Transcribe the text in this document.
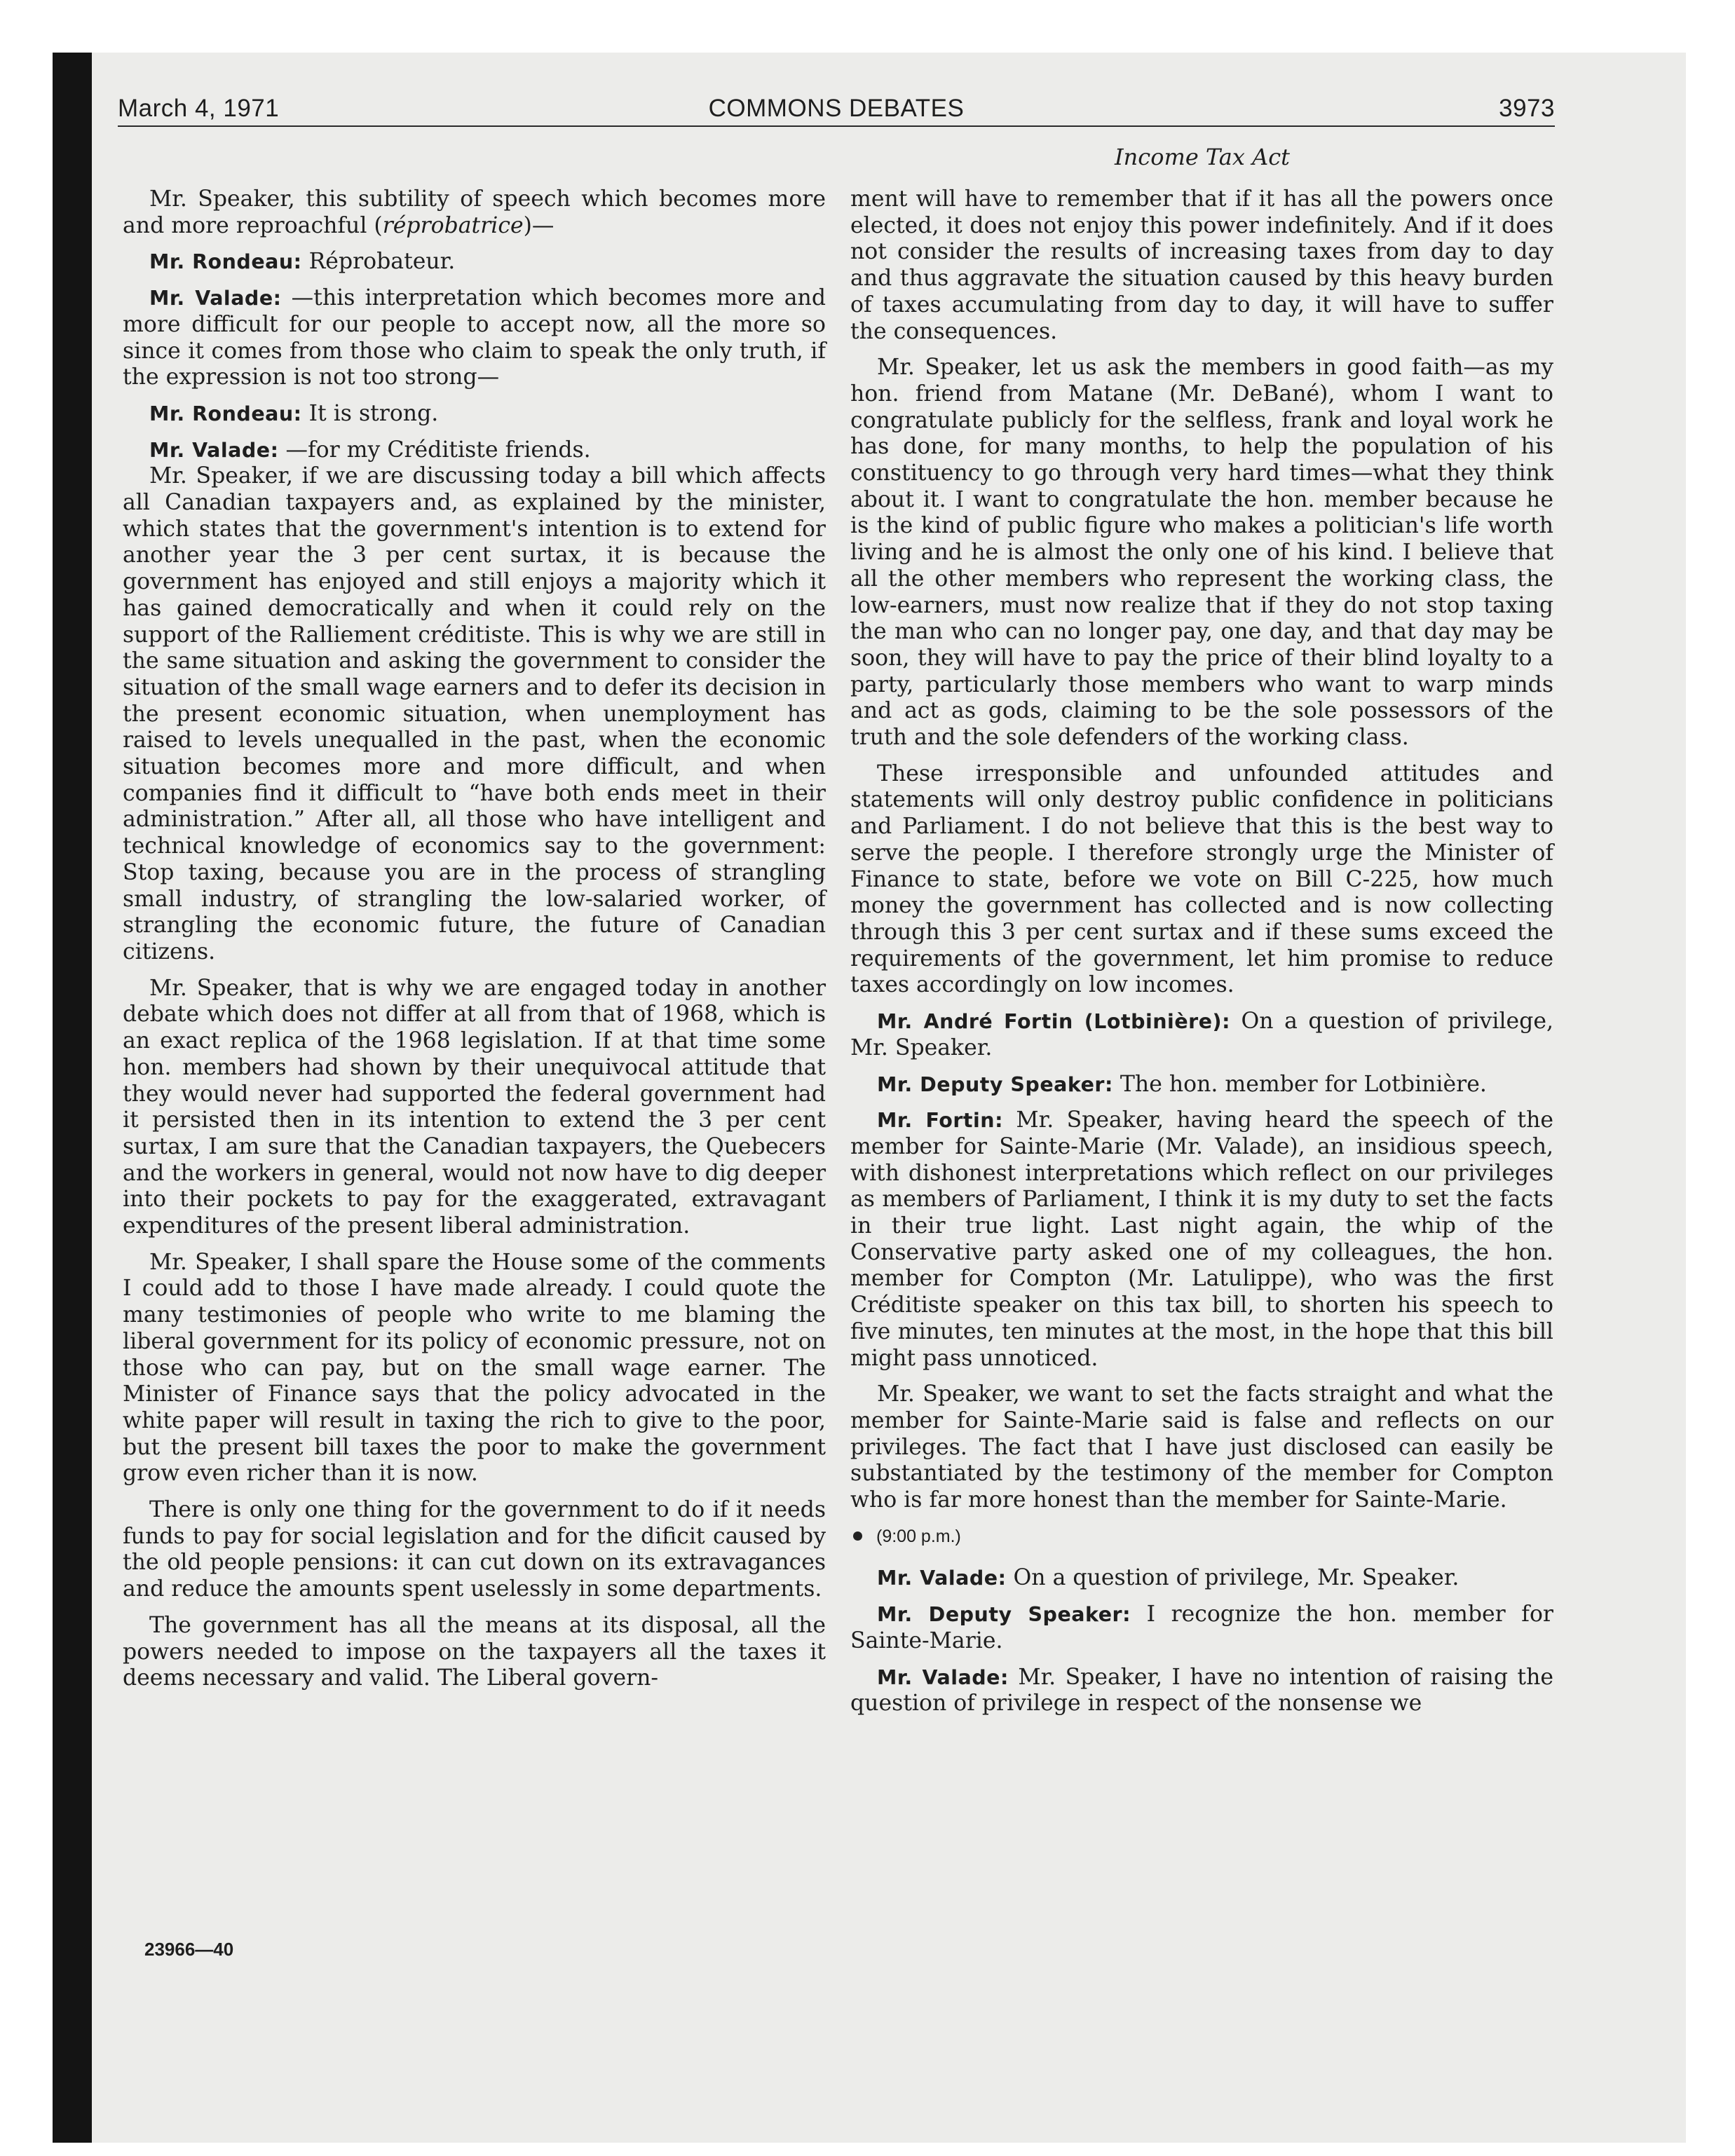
March 4, 1971	COMMONS DEBATES	3973
Income Tax Act

Mr. Speaker, this subtility of speech which becomes more and more reproachful (réprobatrice)—

Mr. Rondeau: Réprobateur.

Mr. Valade: —this interpretation which becomes more and more difficult for our people to accept now, all the more so since it comes from those who claim to speak the only truth, if the expression is not too strong—

Mr. Rondeau: It is strong.

Mr. Valade: —for my Créditiste friends.

Mr. Speaker, if we are discussing today a bill which affects all Canadian taxpayers and, as explained by the minister, which states that the government's intention is to extend for another year the 3 per cent surtax, it is because the government has enjoyed and still enjoys a majority which it has gained democratically and when it could rely on the support of the Ralliement créditiste. This is why we are still in the same situation and asking the government to consider the situation of the small wage earners and to defer its decision in the present economic situation, when unemployment has raised to levels unequalled in the past, when the economic situation becomes more and more difficult, and when companies find it difficult to “have both ends meet in their administration.” After all, all those who have intelligent and technical knowledge of economics say to the government: Stop taxing, because you are in the process of strangling small industry, of strangling the low-salaried worker, of strangling the economic future, the future of Canadian citizens.

Mr. Speaker, that is why we are engaged today in another debate which does not differ at all from that of 1968, which is an exact replica of the 1968 legislation. If at that time some hon. members had shown by their unequivocal attitude that they would never had supported the federal government had it persisted then in its intention to extend the 3 per cent surtax, I am sure that the Canadian taxpayers, the Quebecers and the workers in general, would not now have to dig deeper into their pockets to pay for the exaggerated, extravagant expenditures of the present liberal administration.

Mr. Speaker, I shall spare the House some of the comments I could add to those I have made already. I could quote the many testimonies of people who write to me blaming the liberal government for its policy of economic pressure, not on those who can pay, but on the small wage earner. The Minister of Finance says that the policy advocated in the white paper will result in taxing the rich to give to the poor, but the present bill taxes the poor to make the government grow even richer than it is now.

There is only one thing for the government to do if it needs funds to pay for social legislation and for the dificit caused by the old people pensions: it can cut down on its extravagances and reduce the amounts spent uselessly in some departments.

The government has all the means at its disposal, all the powers needed to impose on the taxpayers all the taxes it deems necessary and valid. The Liberal govern-

ment will have to remember that if it has all the powers once elected, it does not enjoy this power indefinitely. And if it does not consider the results of increasing taxes from day to day and thus aggravate the situation caused by this heavy burden of taxes accumulating from day to day, it will have to suffer the consequences.

Mr. Speaker, let us ask the members in good faith—as my hon. friend from Matane (Mr. DeBané), whom I want to congratulate publicly for the selfless, frank and loyal work he has done, for many months, to help the population of his constituency to go through very hard times—what they think about it. I want to congratulate the hon. member because he is the kind of public figure who makes a politician's life worth living and he is almost the only one of his kind. I believe that all the other members who represent the working class, the low-earners, must now realize that if they do not stop taxing the man who can no longer pay, one day, and that day may be soon, they will have to pay the price of their blind loyalty to a party, particularly those members who want to warp minds and act as gods, claiming to be the sole possessors of the truth and the sole defenders of the working class.

These irresponsible and unfounded attitudes and statements will only destroy public confidence in politicians and Parliament. I do not believe that this is the best way to serve the people. I therefore strongly urge the Minister of Finance to state, before we vote on Bill C-225, how much money the government has collected and is now collecting through this 3 per cent surtax and if these sums exceed the requirements of the government, let him promise to reduce taxes accordingly on low incomes.

Mr. André Fortin (Lotbinière): On a question of privilege, Mr. Speaker.

Mr. Deputy Speaker: The hon. member for Lotbinière.

Mr. Fortin: Mr. Speaker, having heard the speech of the member for Sainte-Marie (Mr. Valade), an insidious speech, with dishonest interpretations which reflect on our privileges as members of Parliament, I think it is my duty to set the facts in their true light. Last night again, the whip of the Conservative party asked one of my colleagues, the hon. member for Compton (Mr. Latulippe), who was the first Créditiste speaker on this tax bill, to shorten his speech to five minutes, ten minutes at the most, in the hope that this bill might pass unnoticed.

Mr. Speaker, we want to set the facts straight and what the member for Sainte-Marie said is false and reflects on our privileges. The fact that I have just disclosed can easily be substantiated by the testimony of the member for Compton who is far more honest than the member for Sainte-Marie.

(9:00 p.m.)

Mr. Valade: On a question of privilege, Mr. Speaker.

Mr. Deputy Speaker: I recognize the hon. member for Sainte-Marie.

Mr. Valade: Mr. Speaker, I have no intention of raising the question of privilege in respect of the nonsense we

23966—40
